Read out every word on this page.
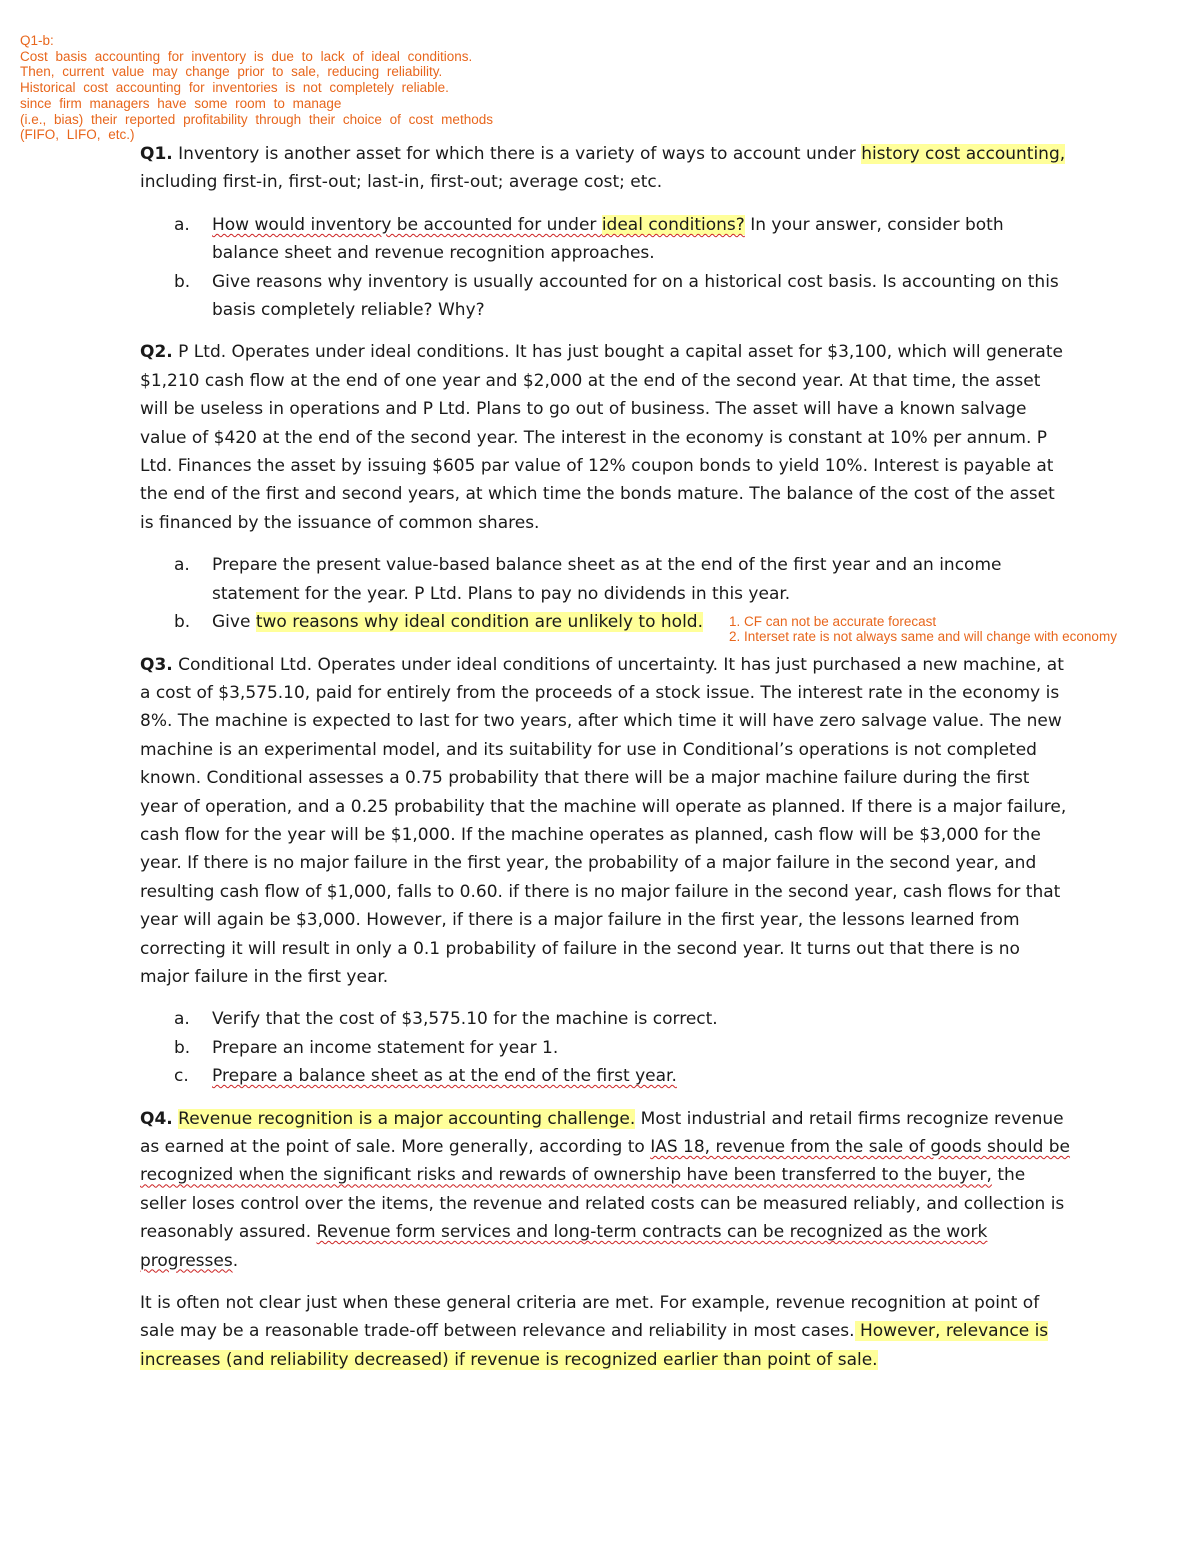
Q1-b:
Cost basis accounting for inventory is due to lack of ideal conditions.
Then, current value may change prior to sale, reducing reliability.
Historical cost accounting for inventories is not completely reliable.
since firm managers have some room to manage
(i.e., bias) their reported profitability through their choice of cost methods
(FIFO, LIFO, etc.)

Q1. Inventory is another asset for which there is a variety of ways to account under history cost accounting, including first-in, first-out; last-in, first-out; average cost; etc.

a. How would inventory be accounted for under ideal conditions? In your answer, consider both balance sheet and revenue recognition approaches.
b. Give reasons why inventory is usually accounted for on a historical cost basis. Is accounting on this basis completely reliable? Why?

Q2. P Ltd. Operates under ideal conditions. It has just bought a capital asset for $3,100, which will generate $1,210 cash flow at the end of one year and $2,000 at the end of the second year. At that time, the asset will be useless in operations and P Ltd. Plans to go out of business. The asset will have a known salvage value of $420 at the end of the second year. The interest in the economy is constant at 10% per annum. P Ltd. Finances the asset by issuing $605 par value of 12% coupon bonds to yield 10%. Interest is payable at the end of the first and second years, at which time the bonds mature. The balance of the cost of the asset is financed by the issuance of common shares.

a. Prepare the present value-based balance sheet as at the end of the first year and an income statement for the year. P Ltd. Plans to pay no dividends in this year.
b. Give two reasons why ideal condition are unlikely to hold.

Q3. Conditional Ltd. Operates under ideal conditions of uncertainty. It has just purchased a new machine, at a cost of $3,575.10, paid for entirely from the proceeds of a stock issue. The interest rate in the economy is 8%. The machine is expected to last for two years, after which time it will have zero salvage value. The new machine is an experimental model, and its suitability for use in Conditional’s operations is not completed known. Conditional assesses a 0.75 probability that there will be a major machine failure during the first year of operation, and a 0.25 probability that the machine will operate as planned. If there is a major failure, cash flow for the year will be $1,000. If the machine operates as planned, cash flow will be $3,000 for the year. If there is no major failure in the first year, the probability of a major failure in the second year, and resulting cash flow of $1,000, falls to 0.60. if there is no major failure in the second year, cash flows for that year will again be $3,000. However, if there is a major failure in the first year, the lessons learned from correcting it will result in only a 0.1 probability of failure in the second year. It turns out that there is no major failure in the first year.

a. Verify that the cost of $3,575.10 for the machine is correct.
b. Prepare an income statement for year 1.
c. Prepare a balance sheet as at the end of the first year.

Q4. Revenue recognition is a major accounting challenge. Most industrial and retail firms recognize revenue as earned at the point of sale. More generally, according to IAS 18, revenue from the sale of goods should be recognized when the significant risks and rewards of ownership have been transferred to the buyer, the seller loses control over the items, the revenue and related costs can be measured reliably, and collection is reasonably assured. Revenue form services and long-term contracts can be recognized as the work progresses.

It is often not clear just when these general criteria are met. For example, revenue recognition at point of sale may be a reasonable trade-off between relevance and reliability in most cases. However, relevance is increases (and reliability decreased) if revenue is recognized earlier than point of sale.

1. CF can not be accurate forecast
2. Interset rate is not always same and will change with economy
